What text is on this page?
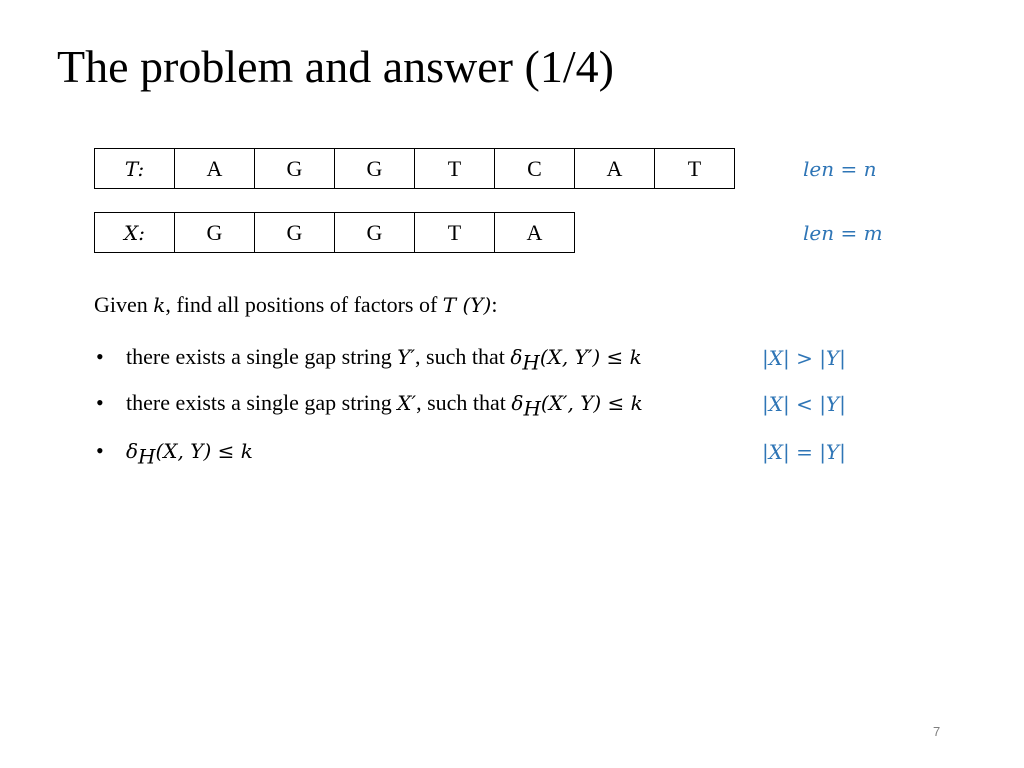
The problem and answer (1/4)
T:	A	G	G	T	C	A	T	len = n
X:	G	G	G	T	A	len = m
Given k, find all positions of factors of T (Y):
• there exists a single gap string Y′, such that $\delta_H(X$, Y′) ≤ k	|X| > |Y|
• there exists a single gap string X′, such that $\delta_H(X'$, Y) ≤ k	|X| < |Y|
• $\delta_H(X$, Y) ≤ k	|X| = |Y|
7
